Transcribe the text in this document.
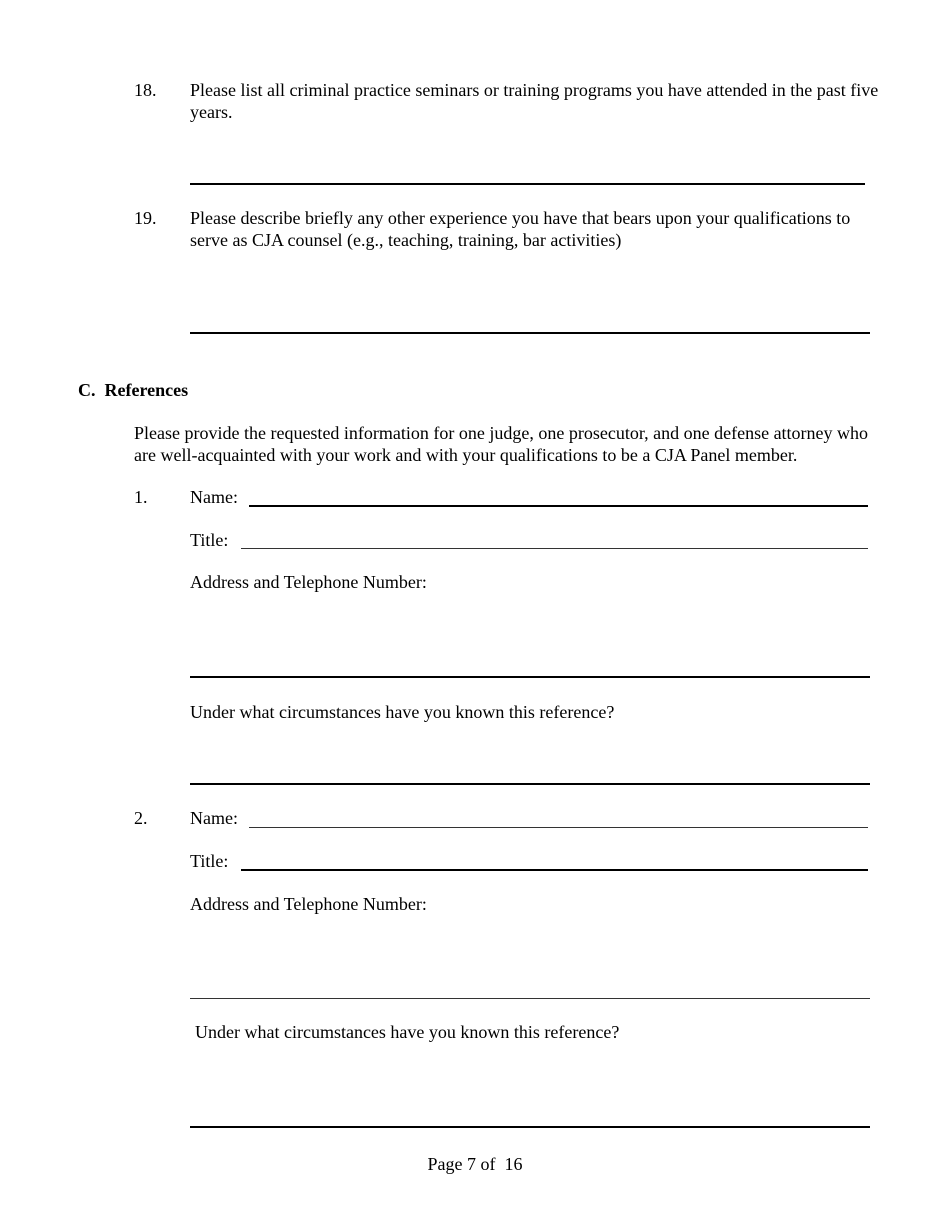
18. Please list all criminal practice seminars or training programs you have attended in the past five years.
19. Please describe briefly any other experience you have that bears upon your qualifications to serve as CJA counsel (e.g., teaching, training, bar activities)
C.  References
Please provide the requested information for one judge, one prosecutor, and one defense attorney who are well-acquainted with your work and with your qualifications to be a CJA Panel member.
1. Name:
Title:
Address and Telephone Number:
Under what circumstances have you known this reference?
2. Name:
Title:
Address and Telephone Number:
Under what circumstances have you known this reference?
Page 7 of  16
